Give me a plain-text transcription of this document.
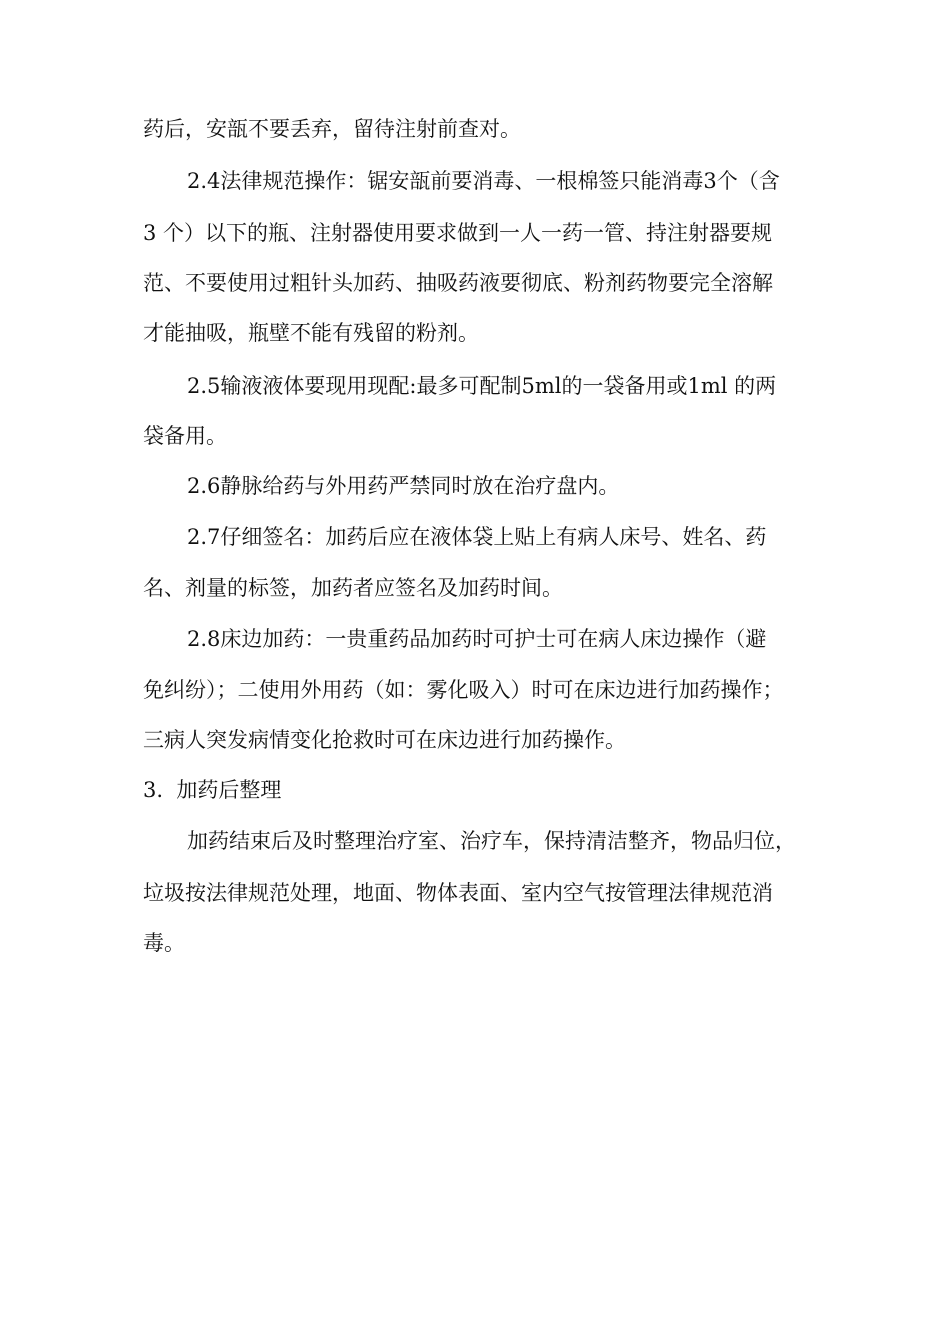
药后，安瓿不要丢弃，留待注射前查对。
2.4法律规范操作：锯安瓿前要消毒、一根棉签只能消毒3个（含
3 个）以下的瓶、注射器使用要求做到一人一药一管、持注射器要规
范、不要使用过粗针头加药、抽吸药液要彻底、粉剂药物要完全溶解
才能抽吸，瓶壁不能有残留的粉剂。
2.5输液液体要现用现配:最多可配制5ml的一袋备用或1ml 的两
袋备用。
2.6静脉给药与外用药严禁同时放在治疗盘内。
2.7仔细签名：加药后应在液体袋上贴上有病人床号、姓名、药
名、剂量的标签，加药者应签名及加药时间。
2.8床边加药：一贵重药品加药时可护士可在病人床边操作（避
免纠纷）；二使用外用药（如：雾化吸入）时可在床边进行加药操作；
三病人突发病情变化抢救时可在床边进行加药操作。
3.  加药后整理
加药结束后及时整理治疗室、治疗车，保持清洁整齐，物品归位，
垃圾按法律规范处理，地面、物体表面、室内空气按管理法律规范消
毒。
